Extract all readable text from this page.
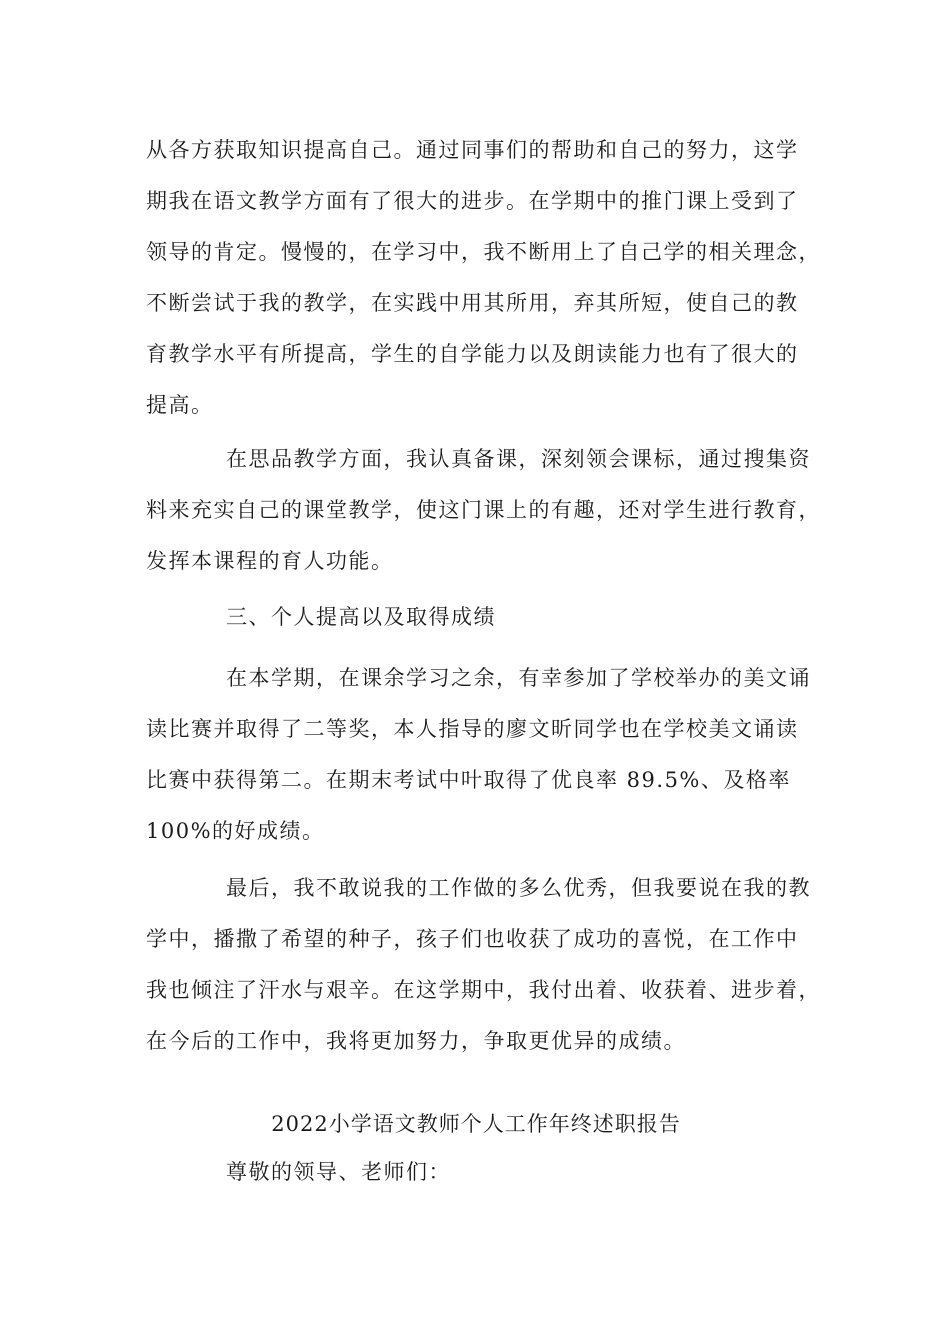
从各方获取知识提高自己。通过同事们的帮助和自己的努力，这学
期我在语文教学方面有了很大的进步。在学期中的推门课上受到了
领导的肯定。慢慢的，在学习中，我不断用上了自己学的相关理念，
不断尝试于我的教学，在实践中用其所用，弃其所短，使自己的教
育教学水平有所提高，学生的自学能力以及朗读能力也有了很大的
提高。
在思品教学方面，我认真备课，深刻领会课标，通过搜集资
料来充实自己的课堂教学，使这门课上的有趣，还对学生进行教育，
发挥本课程的育人功能。
三、个人提高以及取得成绩
在本学期，在课余学习之余，有幸参加了学校举办的美文诵
读比赛并取得了二等奖，本人指导的廖文昕同学也在学校美文诵读
比赛中获得第二。在期末考试中叶取得了优良率 89.5%、及格率
100%的好成绩。
最后，我不敢说我的工作做的多么优秀，但我要说在我的教
学中，播撒了希望的种子，孩子们也收获了成功的喜悦，在工作中
我也倾注了汗水与艰辛。在这学期中，我付出着、收获着、进步着，
在今后的工作中，我将更加努力，争取更优异的成绩。
2022小学语文教师个人工作年终述职报告
尊敬的领导、老师们：
